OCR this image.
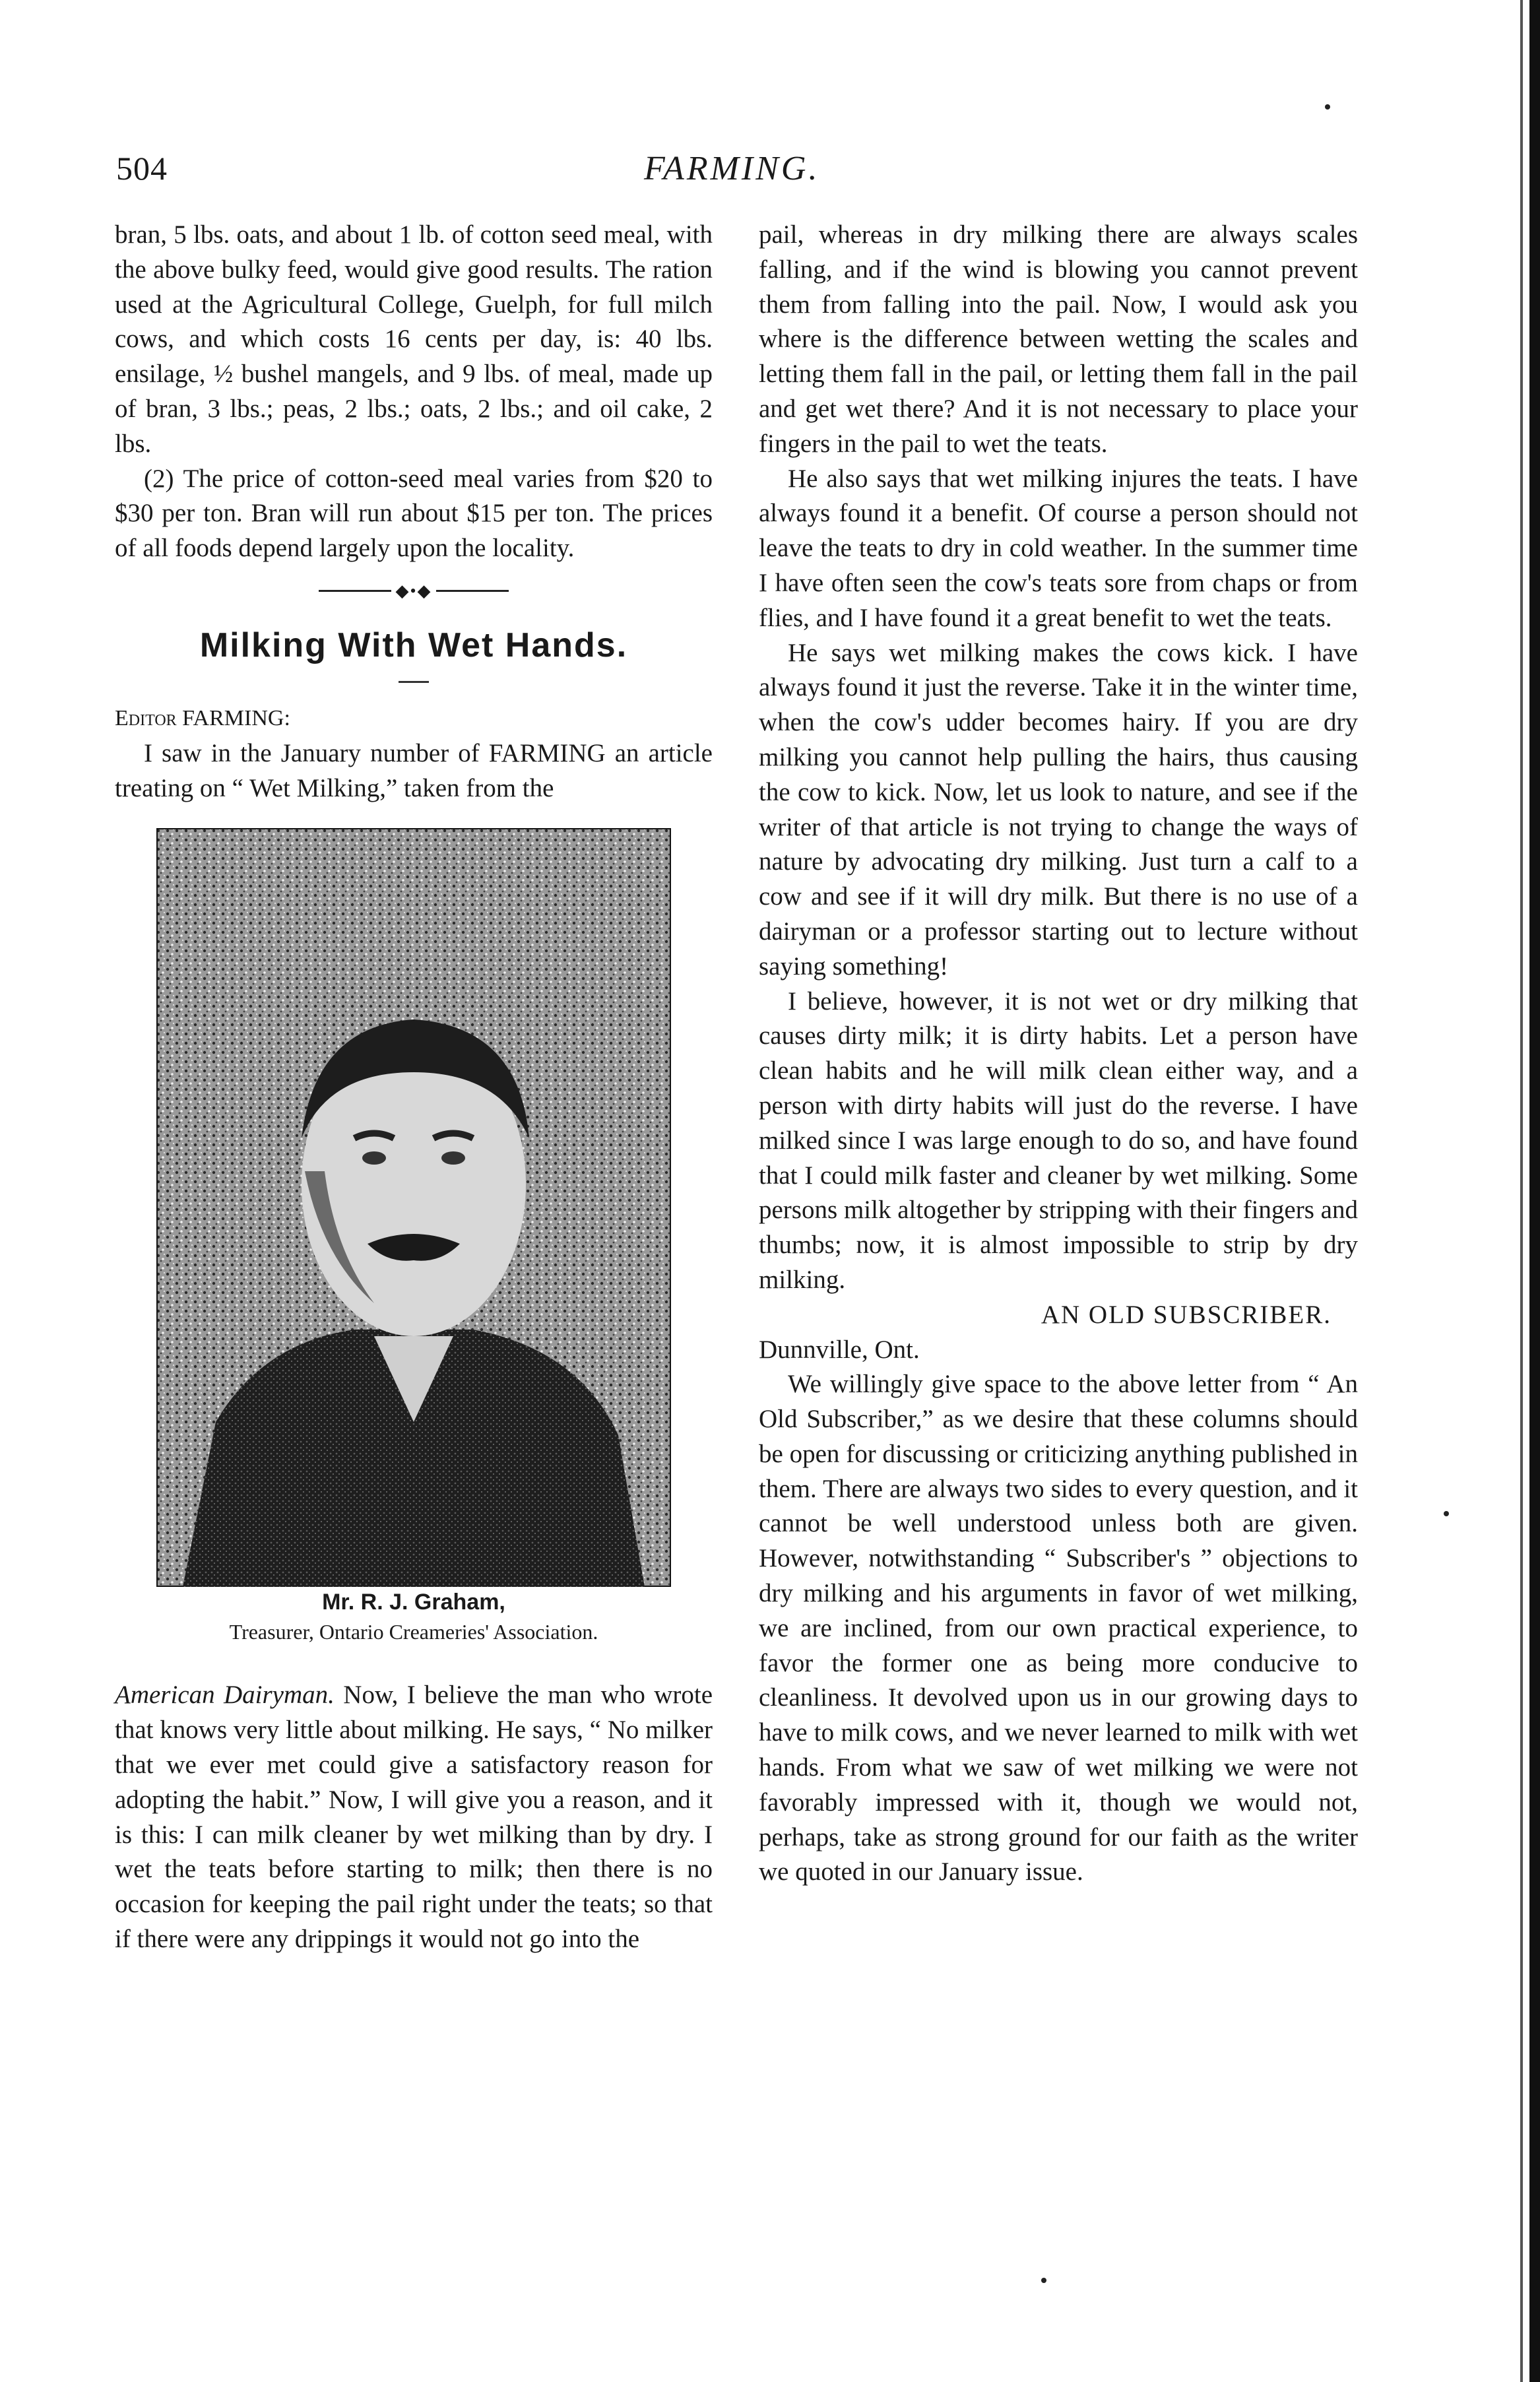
504	FARMING.

bran, 5 lbs. oats, and about 1 lb. of cotton seed meal, with the above bulky feed, would give good results. The ration used at the Agricultural College, Guelph, for full milch cows, and which costs 16 cents per day, is: 40 lbs. ensilage, ½ bushel mangels, and 9 lbs. of meal, made up of bran, 3 lbs.; peas, 2 lbs.; oats, 2 lbs.; and oil cake, 2 lbs.

(2) The price of cotton-seed meal varies from $20 to $30 per ton. Bran will run about $15 per ton. The prices of all foods depend largely upon the locality.

◆•◆
Milking With Wet Hands.

Editor FARMING:

I saw in the January number of FARMING an article treating on “ Wet Milking,” taken from the

Mr. R. J. Graham,

Treasurer, Ontario Creameries' Association.

American Dairyman. Now, I believe the man who wrote that knows very little about milking. He says, “ No milker that we ever met could give a satisfactory reason for adopting the habit.” Now, I will give you a reason, and it is this: I can milk cleaner by wet milking than by dry. I wet the teats before starting to milk; then there is no occasion for keeping the pail right under the teats; so that if there were any drippings it would not go into the

pail, whereas in dry milking there are always scales falling, and if the wind is blowing you cannot prevent them from falling into the pail. Now, I would ask you where is the difference between wetting the scales and letting them fall in the pail, or letting them fall in the pail and get wet there? And it is not necessary to place your fingers in the pail to wet the teats.

He also says that wet milking injures the teats. I have always found it a benefit. Of course a person should not leave the teats to dry in cold weather. In the summer time I have often seen the cow's teats sore from chaps or from flies, and I have found it a great benefit to wet the teats.

He says wet milking makes the cows kick. I have always found it just the reverse. Take it in the winter time, when the cow's udder becomes hairy. If you are dry milking you cannot help pulling the hairs, thus causing the cow to kick. Now, let us look to nature, and see if the writer of that article is not trying to change the ways of nature by advocating dry milking. Just turn a calf to a cow and see if it will dry milk. But there is no use of a dairyman or a professor starting out to lecture without saying something!

I believe, however, it is not wet or dry milking that causes dirty milk; it is dirty habits. Let a person have clean habits and he will milk clean either way, and a person with dirty habits will just do the reverse. I have milked since I was large enough to do so, and have found that I could milk faster and cleaner by wet milking. Some persons milk altogether by stripping with their fingers and thumbs; now, it is almost impossible to strip by dry milking.

AN OLD SUBSCRIBER.

Dunnville, Ont.

We willingly give space to the above letter from “ An Old Subscriber,” as we desire that these columns should be open for discussing or criticizing anything published in them. There are always two sides to every question, and it cannot be well understood unless both are given. However, notwithstanding “ Subscriber's ” objections to dry milking and his arguments in favor of wet milking, we are inclined, from our own practical experience, to favor the former one as being more conducive to cleanliness. It devolved upon us in our growing days to have to milk cows, and we never learned to milk with wet hands. From what we saw of wet milking we were not favorably impressed with it, though we would not, perhaps, take as strong ground for our faith as the writer we quoted in our January issue.
